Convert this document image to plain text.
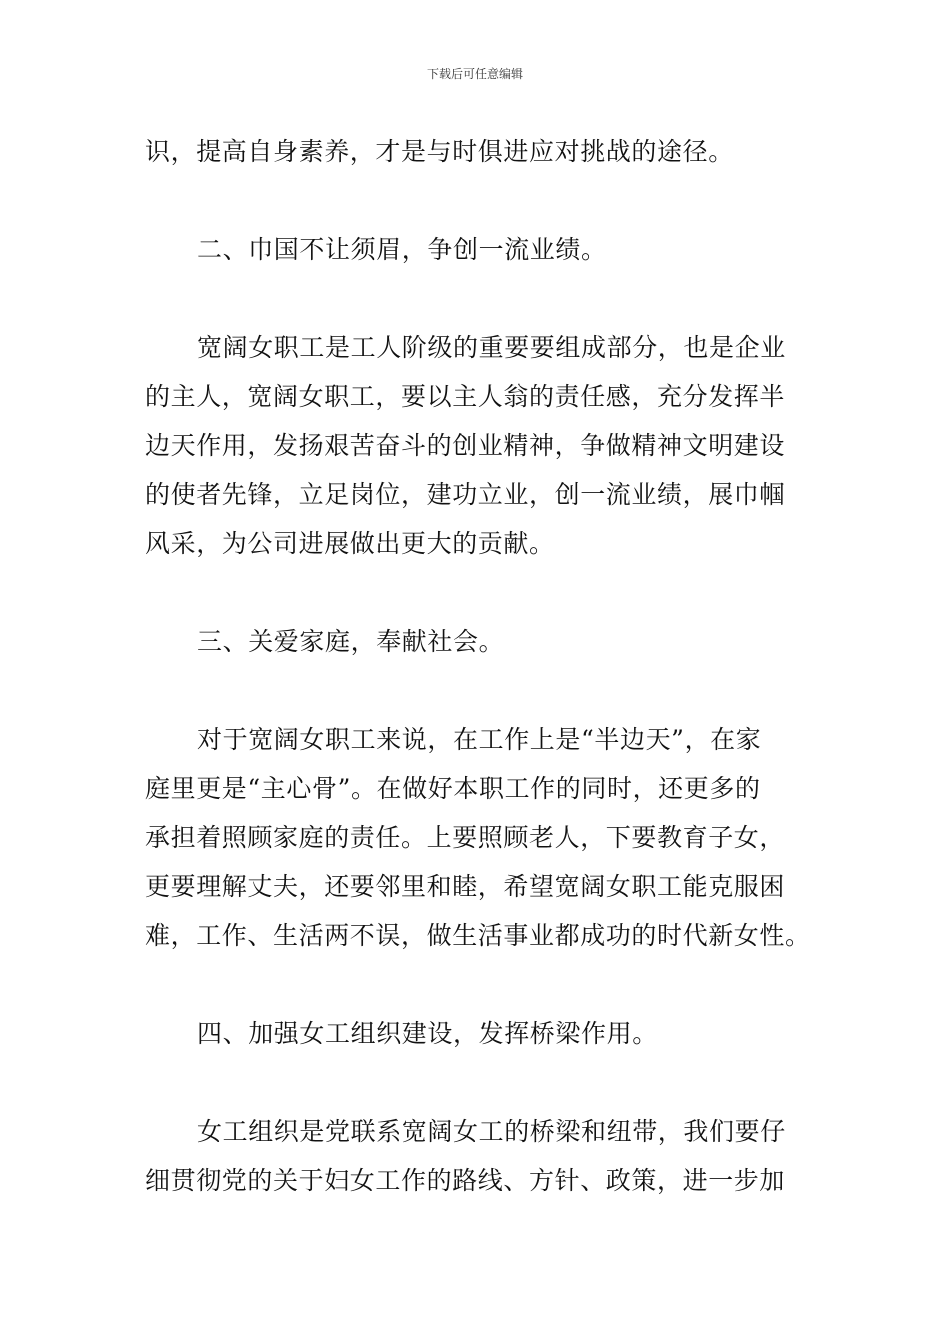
下载后可任意编辑
识，提高自身素养，才是与时俱进应对挑战的途径。
二、巾国不让须眉，争创一流业绩。
宽阔女职工是工人阶级的重要要组成部分，也是企业
的主人，宽阔女职工，要以主人翁的责任感，充分发挥半
边天作用，发扬艰苦奋斗的创业精神，争做精神文明建设
的使者先锋，立足岗位，建功立业，创一流业绩，展巾帼
风采，为公司进展做出更大的贡献。
三、关爱家庭，奉献社会。
对于宽阔女职工来说，在工作上是“半边天”，在家
庭里更是“主心骨”。在做好本职工作的同时，还更多的
承担着照顾家庭的责任。上要照顾老人，下要教育子女，
更要理解丈夫，还要邻里和睦，希望宽阔女职工能克服困
难，工作、生活两不误，做生活事业都成功的时代新女性。
四、加强女工组织建设，发挥桥梁作用。
女工组织是党联系宽阔女工的桥梁和纽带，我们要仔
细贯彻党的关于妇女工作的路线、方针、政策，进一步加
